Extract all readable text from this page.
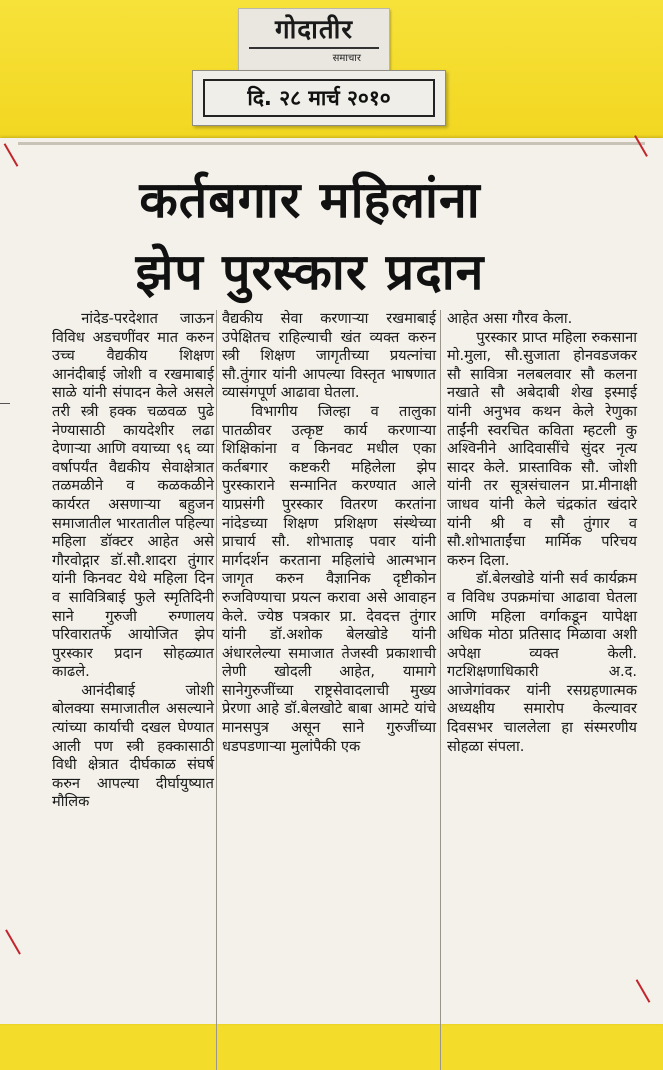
गोदातीर
समाचार
दि. २८ मार्च २०१०
कर्तबगार महिलांना
झेप पुरस्कार प्रदान

नांदेड-परदेशात जाऊन विविध अडचणींवर मात करुन उच्च वैद्यकीय शिक्षण आनंदीबाई जोशी व रखमाबाई साळे यांनी संपादन केले असले तरी स्त्री हक्क चळवळ पुढे नेण्यासाठी कायदेशीर लढा देणाऱ्या आणि वयाच्या ९६ व्या वर्षापर्यंत वैद्यकीय सेवाक्षेत्रात तळमळीने व कळकळीने कार्यरत असणाऱ्या बहुजन समाजातील भारतातील पहिल्या महिला डॉक्टर आहेत असे गौरवोद्गार डॉ.सौ.शादरा तुंगार यांनी किनवट येथे महिला दिन व सावित्रिबाई फुले स्मृतिदिनी साने गुरुजी रुग्णालय परिवारातर्फे आयोजित झेप पुरस्कार प्रदान सोहळ्यात काढले.

आनंदीबाई जोशी बोलक्या समाजातील असल्याने त्यांच्या कार्याची दखल घेण्यात आली पण स्त्री हक्कासाठी विधी क्षेत्रात दीर्घकाळ संघर्ष करुन आपल्या दीर्घायुष्यात मौलिक

वैद्यकीय सेवा करणाऱ्या रखमाबाई उपेक्षितच राहिल्याची खंत व्यक्त करुन स्त्री शिक्षण जागृतीच्या प्रयत्नांचा सौ.तुंगार यांनी आपल्या विस्तृत भाषणात व्यासंगपूर्ण आढावा घेतला.

विभागीय जिल्हा व तालुका पातळीवर उत्कृष्ट कार्य करणाऱ्या शिक्षिकांना व किनवट मधील एका कर्तबगार कष्टकरी महिलेला झेप पुरस्काराने सन्मानित करण्यात आले याप्रसंगी पुरस्कार वितरण करतांना नांदेडच्या शिक्षण प्रशिक्षण संस्थेच्या प्राचार्य सौ. शोभाताइ पवार यांनी मार्गदर्शन करताना महिलांचे आत्मभान जागृत करुन वैज्ञानिक दृष्टीकोन रुजविण्याचा प्रयत्न करावा असे आवाहन केले. ज्येष्ठ पत्रकार प्रा. देवदत्त तुंगार यांनी डॉ.अशोक बेलखोडे यांनी अंधारलेल्या समाजात तेजस्वी प्रकाशाची लेणी खोदली आहेत, यामागे सानेगुरुजींच्या राष्ट्रसेवादलाची मुख्य प्रेरणा आहे डॉ.बेलखोटे बाबा आमटे यांचे मानसपुत्र असून साने गुरुजींच्या धडपडणाऱ्या मुलांपैकी एक

आहेत असा गौरव केला.

पुरस्कार प्राप्त महिला रुकसाना मो.मुला, सौ.सुजाता होनवडजकर सौ सावित्रा नलबलवार सौ कलना नखाते सौ अबेदाबी शेख इस्माई यांनी अनुभव कथन केले रेणुका ताईंनी स्वरचित कविता म्हटली कु अश्विनीने आदिवासींचे सुंदर नृत्य सादर केले. प्रास्ताविक सौ. जोशी यांनी तर सूत्रसंचालन प्रा.मीनाक्षी जाधव यांनी केले चंद्रकांत खंदारे यांनी श्री व सौ तुंगार व सौ.शोभाताईंचा मार्मिक परिचय करुन दिला.

डॉ.बेलखोडे यांनी सर्व कार्यक्रम व विविध उपक्रमांचा आढावा घेतला आणि महिला वर्गाकडून यापेक्षा अधिक मोठा प्रतिसाद मिळावा अशी अपेक्षा व्यक्त केली. गटशिक्षणाधिकारी अ.द. आजेगांवकर यांनी रसग्रहणात्मक अध्यक्षीय समारोप केल्यावर दिवसभर चाललेला हा संस्मरणीय सोहळा संपला.
